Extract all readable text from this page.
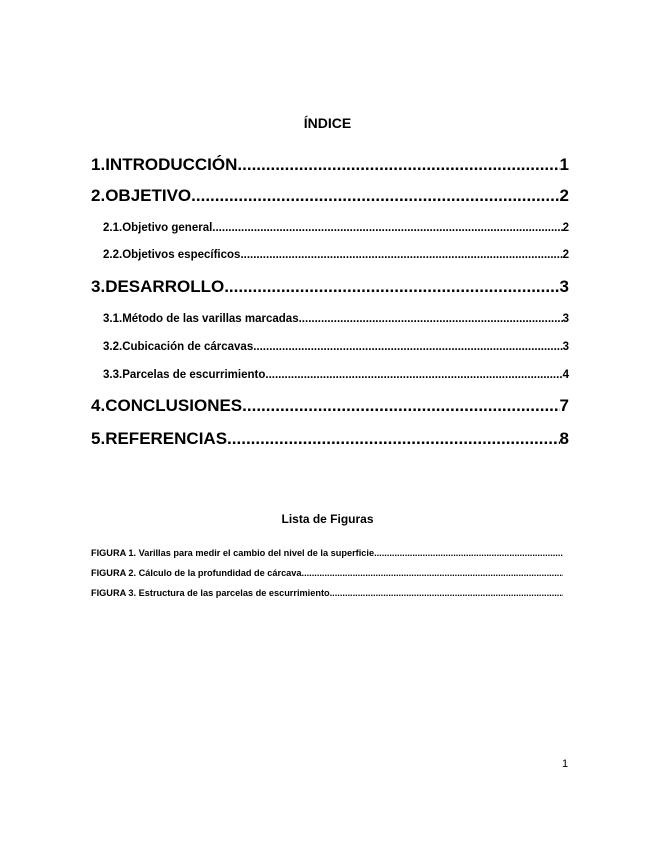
ÍNDICE
1. INTRODUCCIÓN .....	1
2. OBJETIVO .....	2
2.1. Objetivo general .....	2
2.2. Objetivos específicos .....	2
3. DESARROLLO .....	3
3.1. Método de las varillas marcadas .....	3
3.2. Cubicación de cárcavas. .....	3
3.3. Parcelas de escurrimiento .....	4
4. CONCLUSIONES .....	7
5. REFERENCIAS .....	8
Lista de Figuras
FIGURA 1. Varillas para medir el cambio del nivel de la superficie
.....
FIGURA 2. Cálculo de la profundidad de cárcava
.....
FIGURA 3. Estructura de las parcelas de escurrimiento
.....
1
